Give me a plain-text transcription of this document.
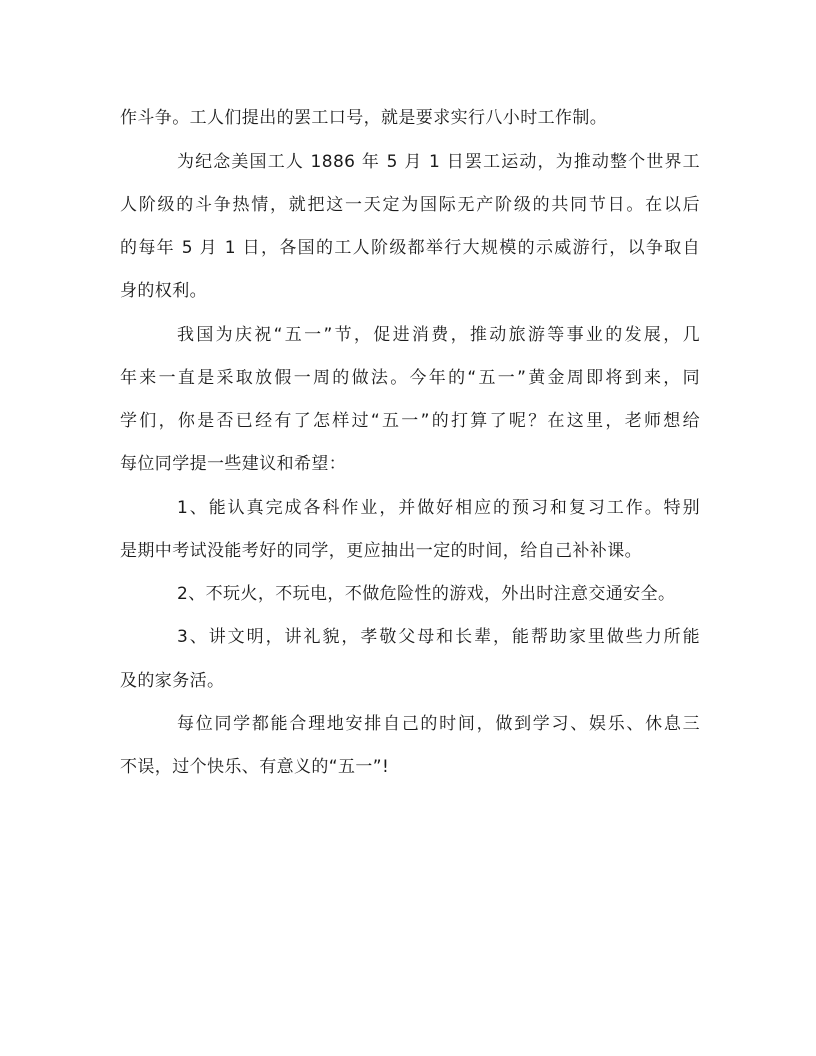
作斗争。工人们提出的罢工口号，就是要求实行八小时工作制。
为纪念美国工人 1886 年 5 月 1 日罢工运动，为推动整个世界工
人阶级的斗争热情，就把这一天定为国际无产阶级的共同节日。在以后
的每年 5 月 1 日，各国的工人阶级都举行大规模的示威游行，以争取自
身的权利。
我国为庆祝“五一”节，促进消费，推动旅游等事业的发展，几
年来一直是采取放假一周的做法。今年的“五一”黄金周即将到来，同
学们，你是否已经有了怎样过“五一”的打算了呢？在这里，老师想给
每位同学提一些建议和希望：
1、能认真完成各科作业，并做好相应的预习和复习工作。特别
是期中考试没能考好的同学，更应抽出一定的时间，给自己补补课。
2、不玩火，不玩电，不做危险性的游戏，外出时注意交通安全。
3、讲文明，讲礼貌，孝敬父母和长辈，能帮助家里做些力所能
及的家务活。
每位同学都能合理地安排自己的时间，做到学习、娱乐、休息三
不误，过个快乐、有意义的“五一”!
